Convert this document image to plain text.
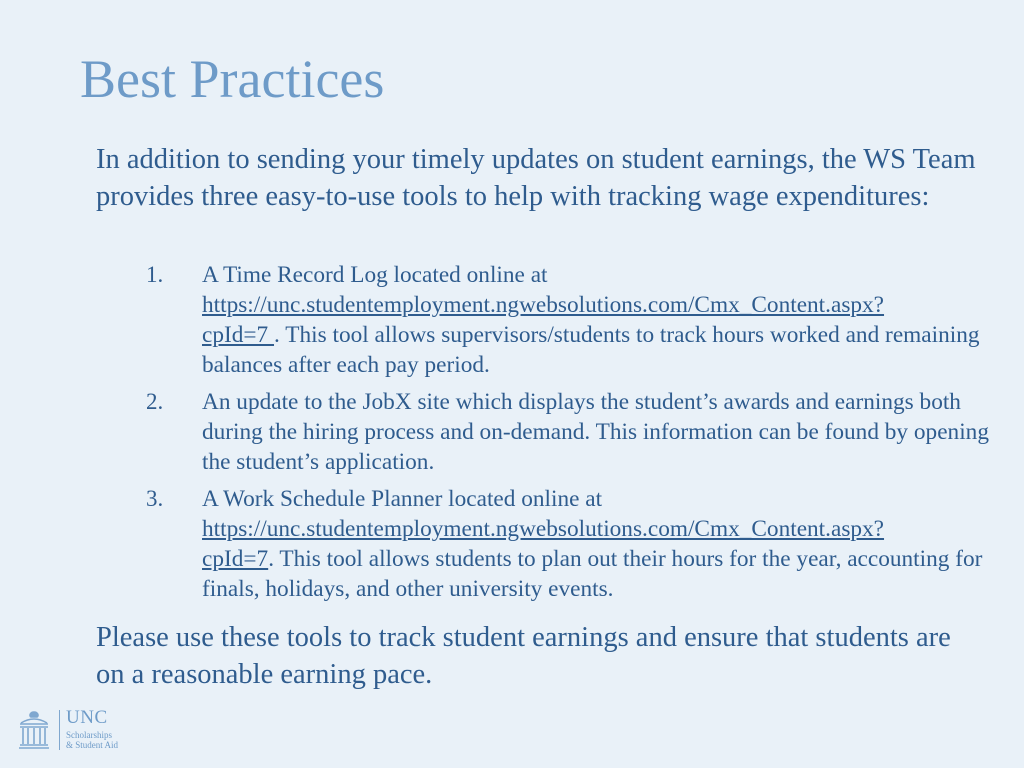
Best Practices

In addition to sending your timely updates on student earnings, the WS Team provides three easy-to-use tools to help with tracking wage expenditures:

1. A Time Record Log located online at
https://unc.studentemployment.ngwebsolutions.com/Cmx_Content.aspx?
cpId=7 . This tool allows supervisors/students to track hours worked and remaining balances after each pay period.
2. An update to the JobX site which displays the student’s awards and earnings both during the hiring process and on-demand. This information can be found by opening the student’s application.
3. A Work Schedule Planner located online at
https://unc.studentemployment.ngwebsolutions.com/Cmx_Content.aspx?
cpId=7. This tool allows students to plan out their hours for the year, accounting for finals, holidays, and other university events.

Please use these tools to track student earnings and ensure that students are on a reasonable earning pace.

UNC
Scholarships
& Student Aid
